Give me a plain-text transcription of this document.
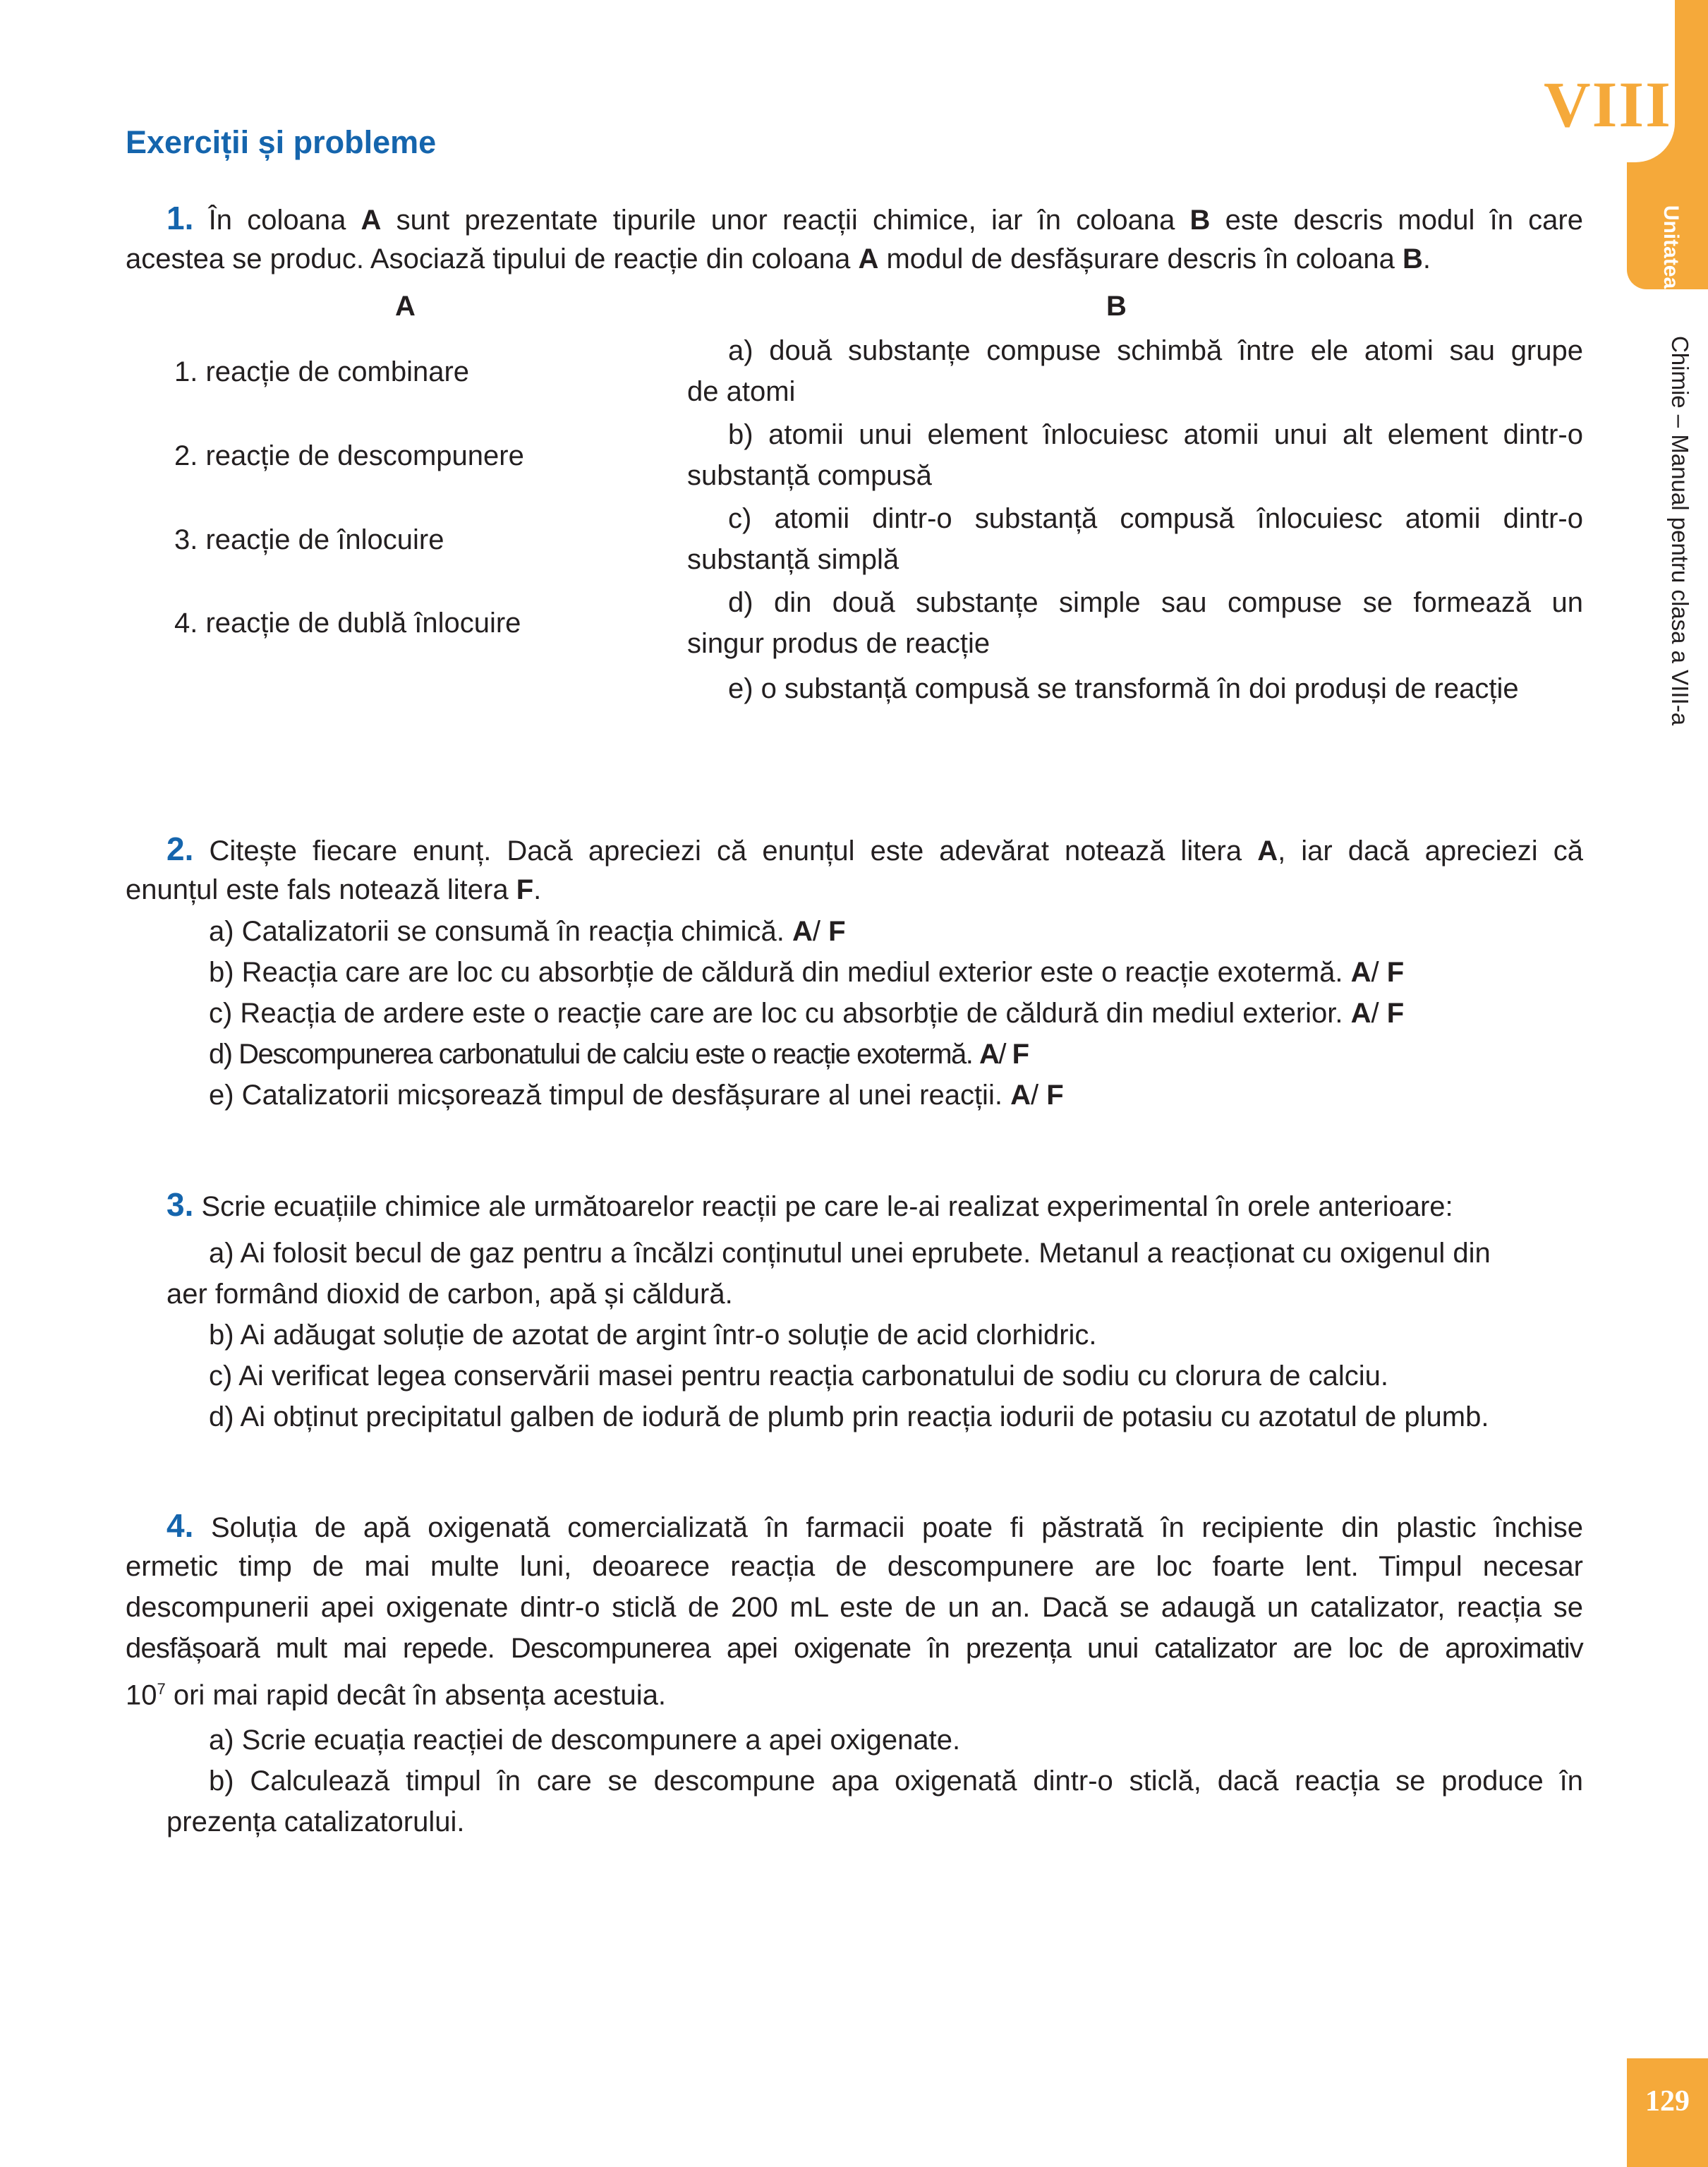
VIII
Unitatea
Chimie – Manual pentru clasa a VIII-a
129
Exerciții și probleme
1. În coloana A sunt prezentate tipurile unor reacții chimice, iar în coloana B este descris modul în care
acestea se produc. Asociază tipului de reacție din coloana A modul de desfășurare descris în coloana B.
A	B
1. reacție de combinare
2. reacție de descompunere
3. reacție de înlocuire
4. reacție de dublă înlocuire
a) două substanțe compuse schimbă între ele atomi sau grupe
de atomi
b) atomii unui element înlocuiesc atomii unui alt element dintr-o
substanță compusă
c) atomii dintr-o substanță compusă înlocuiesc atomii dintr-o
substanță simplă
d) din două substanțe simple sau compuse se formează un
singur produs de reacție
e) o substanță compusă se transformă în doi produși de reacție
2. Citește fiecare enunț. Dacă apreciezi că enunțul este adevărat notează litera A, iar dacă apreciezi că
enunțul este fals notează litera F.
a) Catalizatorii se consumă în reacția chimică. A/ F
b) Reacția care are loc cu absorbție de căldură din mediul exterior este o reacție exotermă. A/ F
c) Reacția de ardere este o reacție care are loc cu absorbție de căldură din mediul exterior. A/ F
d) Descompunerea carbonatului de calciu este o reacție exotermă. A/ F
e) Catalizatorii micșorează timpul de desfășurare al unei reacții. A/ F
3. Scrie ecuațiile chimice ale următoarelor reacții pe care le-ai realizat experimental în orele anterioare:
a) Ai folosit becul de gaz pentru a încălzi conținutul unei eprubete. Metanul a reacționat cu oxigenul din
aer formând dioxid de carbon, apă și căldură.
b) Ai adăugat soluție de azotat de argint într-o soluție de acid clorhidric.
c) Ai verificat legea conservării masei pentru reacția carbonatului de sodiu cu clorura de calciu.
d) Ai obținut precipitatul galben de iodură de plumb prin reacția iodurii de potasiu cu azotatul de plumb.
4. Soluția de apă oxigenată comercializată în farmacii poate fi păstrată în recipiente din plastic închise
ermetic timp de mai multe luni, deoarece reacția de descompunere are loc foarte lent. Timpul necesar
descompunerii apei oxigenate dintr-o sticlă de 200 mL este de un an. Dacă se adaugă un catalizator, reacția se
desfășoară mult mai repede. Descompunerea apei oxigenate în prezența unui catalizator are loc de aproximativ
$10^7$ ori mai rapid decât în absența acestuia.
a) Scrie ecuația reacției de descompunere a apei oxigenate.
b) Calculează timpul în care se descompune apa oxigenată dintr-o sticlă, dacă reacția se produce în
prezența catalizatorului.
